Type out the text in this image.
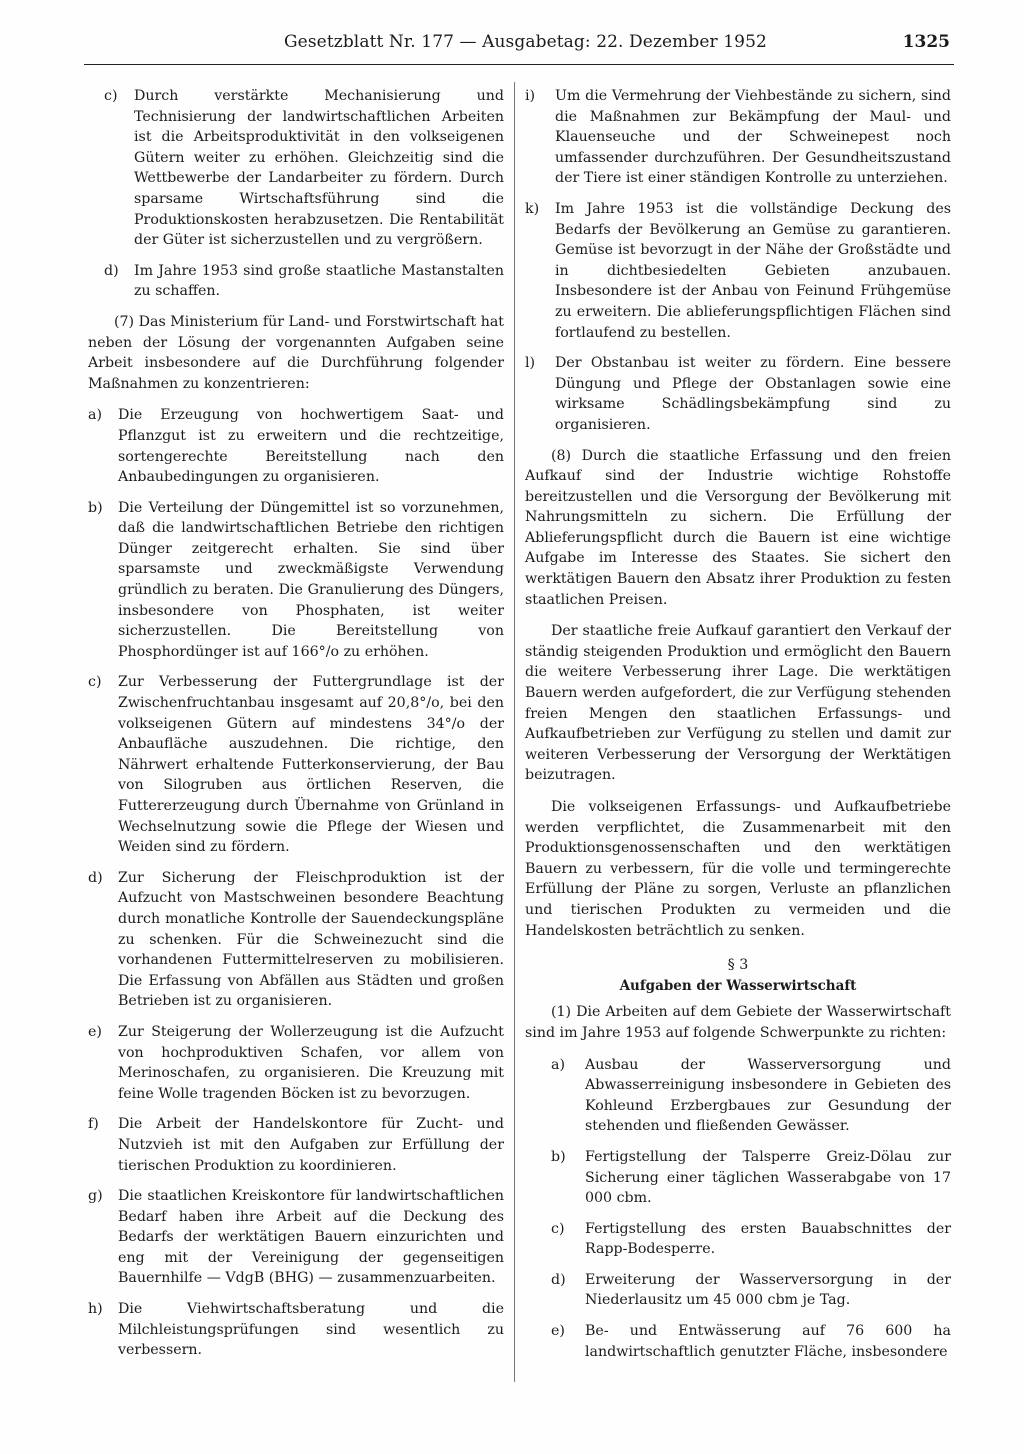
Gesetzblatt Nr. 177 — Ausgabetag: 22. Dezember 1952	1325
c)	Durch verstärkte Mechanisierung und Technisierung der landwirtschaftlichen Arbeiten ist die Arbeitsproduktivität in den volkseigenen Gütern weiter zu erhöhen. Gleichzeitig sind die Wettbewerbe der Landarbeiter zu fördern. Durch sparsame Wirtschaftsführung sind die Produktionskosten herabzusetzen. Die Rentabilität der Güter ist sicherzustellen und zu vergrößern.
d)	Im Jahre 1953 sind große staatliche Mastanstalten zu schaffen.
(7) Das Ministerium für Land- und Forstwirtschaft hat neben der Lösung der vorgenannten Aufgaben seine Arbeit insbesondere auf die Durchführung folgender Maßnahmen zu konzentrieren:
a)	Die Erzeugung von hochwertigem Saat- und Pflanzgut ist zu erweitern und die rechtzeitige, sortengerechte Bereitstellung nach den Anbaubedingungen zu organisieren.
b)	Die Verteilung der Düngemittel ist so vorzunehmen, daß die landwirtschaftlichen Betriebe den richtigen Dünger zeitgerecht erhalten. Sie sind über sparsamste und zweckmäßigste Verwendung gründlich zu beraten. Die Granulierung des Düngers, insbesondere von Phosphaten, ist weiter sicherzustellen. Die Bereitstellung von Phosphordünger ist auf 166°/o zu erhöhen.
c)	Zur Verbesserung der Futtergrundlage ist der Zwischenfruchtanbau insgesamt auf 20,8°/o, bei den volkseigenen Gütern auf mindestens 34°/o der Anbaufläche auszudehnen. Die richtige, den Nährwert erhaltende Futterkonservierung, der Bau von Silogruben aus örtlichen Reserven, die Futtererzeugung durch Übernahme von Grünland in Wechselnutzung sowie die Pflege der Wiesen und Weiden sind zu fördern.
d)	Zur Sicherung der Fleischproduktion ist der Aufzucht von Mastschweinen besondere Beachtung durch monatliche Kontrolle der Sauendeckungspläne zu schenken. Für die Schweinezucht sind die vorhandenen Futtermittelreserven zu mobilisieren. Die Erfassung von Abfällen aus Städten und großen Betrieben ist zu organisieren.
e)	Zur Steigerung der Wollerzeugung ist die Aufzucht von hochproduktiven Schafen, vor allem von Merinoschafen, zu organisieren. Die Kreuzung mit feine Wolle tragenden Böcken ist zu bevorzugen.
f)	Die Arbeit der Handelskontore für Zucht- und Nutzvieh ist mit den Aufgaben zur Erfüllung der tierischen Produktion zu koordinieren.
g)	Die staatlichen Kreiskontore für landwirtschaftlichen Bedarf haben ihre Arbeit auf die Deckung des Bedarfs der werktätigen Bauern einzurichten und eng mit der Vereinigung der gegenseitigen Bauernhilfe — VdgB (BHG) — zusammenzuarbeiten.
h)	Die Viehwirtschaftsberatung und die Milchleistungsprüfungen sind wesentlich zu verbessern.
i)	Um die Vermehrung der Viehbestände zu sichern, sind die Maßnahmen zur Bekämpfung der Maul- und Klauenseuche und der Schweinepest noch umfassender durchzuführen. Der Gesundheitszustand der Tiere ist einer ständigen Kontrolle zu unterziehen.
k)	Im Jahre 1953 ist die vollständige Deckung des Bedarfs der Bevölkerung an Gemüse zu garantieren. Gemüse ist bevorzugt in der Nähe der Großstädte und in dichtbesiedelten Gebieten anzubauen. Insbesondere ist der Anbau von Feinund Frühgemüse zu erweitern. Die ablieferungspflichtigen Flächen sind fortlaufend zu bestellen.
l)	Der Obstanbau ist weiter zu fördern. Eine bessere Düngung und Pflege der Obstanlagen sowie eine wirksame Schädlingsbekämpfung sind zu organisieren.
(8) Durch die staatliche Erfassung und den freien Aufkauf sind der Industrie wichtige Rohstoffe bereitzustellen und die Versorgung der Bevölkerung mit Nahrungsmitteln zu sichern. Die Erfüllung der Ablieferungspflicht durch die Bauern ist eine wichtige Aufgabe im Interesse des Staates. Sie sichert den werktätigen Bauern den Absatz ihrer Produktion zu festen staatlichen Preisen.
Der staatliche freie Aufkauf garantiert den Verkauf der ständig steigenden Produktion und ermöglicht den Bauern die weitere Verbesserung ihrer Lage. Die werktätigen Bauern werden aufgefordert, die zur Verfügung stehenden freien Mengen den staatlichen Erfassungs- und Aufkaufbetrieben zur Verfügung zu stellen und damit zur weiteren Verbesserung der Versorgung der Werktätigen beizutragen.
Die volkseigenen Erfassungs- und Aufkaufbetriebe werden verpflichtet, die Zusammenarbeit mit den Produktionsgenossenschaften und den werktätigen Bauern zu verbessern, für die volle und termingerechte Erfüllung der Pläne zu sorgen, Verluste an pflanzlichen und tierischen Produkten zu vermeiden und die Handelskosten beträchtlich zu senken.
§ 3
Aufgaben der Wasserwirtschaft
(1) Die Arbeiten auf dem Gebiete der Wasserwirtschaft sind im Jahre 1953 auf folgende Schwerpunkte zu richten:
a)	Ausbau der Wasserversorgung und Abwasserreinigung insbesondere in Gebieten des Kohleund Erzbergbaues zur Gesundung der stehenden und fließenden Gewässer.
b)	Fertigstellung der Talsperre Greiz-Dölau zur Sicherung einer täglichen Wasserabgabe von 17 000 cbm.
c)	Fertigstellung des ersten Bauabschnittes der Rapp-Bodesperre.
d)	Erweiterung der Wasserversorgung in der Niederlausitz um 45 000 cbm je Tag.
e)	Be- und Entwässerung auf 76 600 ha landwirtschaftlich genutzter Fläche, insbesondere
